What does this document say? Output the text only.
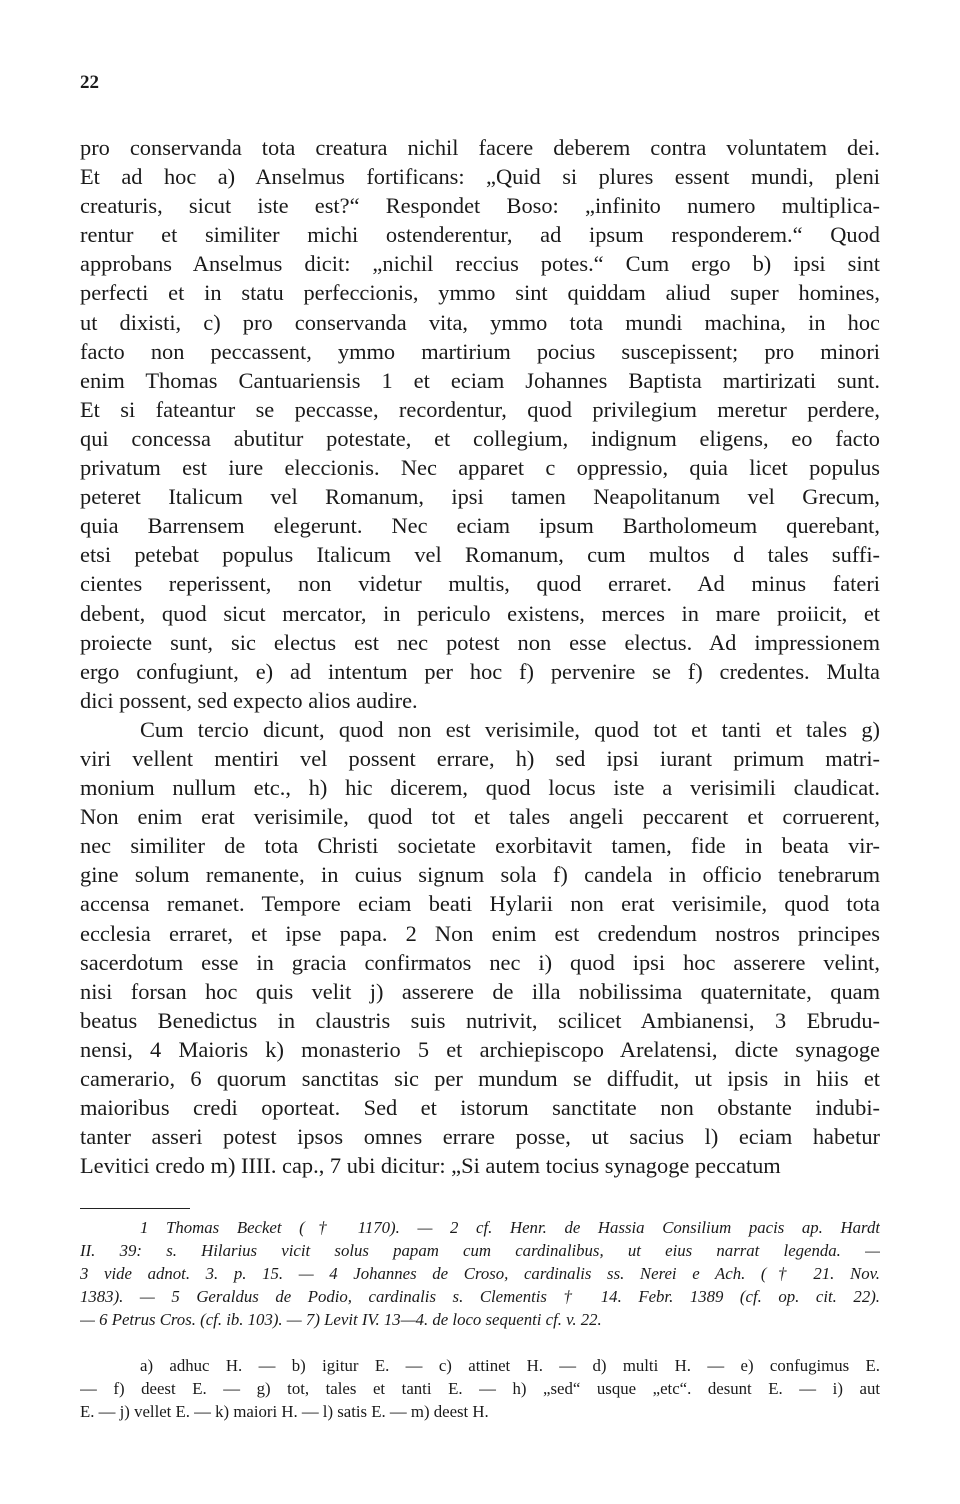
22
pro conservanda tota creatura nichil facere deberem contra voluntatem dei.
Et ad hoc a) Anselmus fortificans: „Quid si plures essent mundi, pleni
creaturis, sicut iste est?“ Respondet Boso: „infinito numero multiplica-
rentur et similiter michi ostenderentur, ad ipsum responderem.“ Quod
approbans Anselmus dicit: „nichil reccius potes.“ Cum ergo b) ipsi sint
perfecti et in statu perfeccionis, ymmo sint quiddam aliud super homines,
ut dixisti, c) pro conservanda vita, ymmo tota mundi machina, in hoc
facto non peccassent, ymmo martirium pocius suscepissent; pro minori
enim Thomas Cantuariensis 1 et eciam Johannes Baptista martirizati sunt.
Et si fateantur se peccasse, recordentur, quod privilegium meretur perdere,
qui concessa abutitur potestate, et collegium, indignum eligens, eo facto
privatum est iure eleccionis. Nec apparet c oppressio, quia licet populus
peteret Italicum vel Romanum, ipsi tamen Neapolitanum vel Grecum,
quia Barrensem elegerunt. Nec eciam ipsum Bartholomeum querebant,
etsi petebat populus Italicum vel Romanum, cum multos d tales suffi-
cientes reperissent, non videtur multis, quod erraret. Ad minus fateri
debent, quod sicut mercator, in periculo existens, merces in mare proiicit, et
proiecte sunt, sic electus est nec potest non esse electus. Ad impressionem
ergo confugiunt, e) ad intentum per hoc f) pervenire se f) credentes. Multa
dici possent, sed expecto alios audire.
Cum tercio dicunt, quod non est verisimile, quod tot et tanti et tales g)
viri vellent mentiri vel possent errare, h) sed ipsi iurant primum matri-
monium nullum etc., h) hic dicerem, quod locus iste a verisimili claudicat.
Non enim erat verisimile, quod tot et tales angeli peccarent et corruerent,
nec similiter de tota Christi societate exorbitavit tamen, fide in beata vir-
gine solum remanente, in cuius signum sola f) candela in officio tenebrarum
accensa remanet. Tempore eciam beati Hylarii non erat verisimile, quod tota
ecclesia erraret, et ipse papa. 2 Non enim est credendum nostros principes
sacerdotum esse in gracia confirmatos nec i) quod ipsi hoc asserere velint,
nisi forsan hoc quis velit j) asserere de illa nobilissima quaternitate, quam
beatus Benedictus in claustris suis nutrivit, scilicet Ambianensi, 3 Ebrudu-
nensi, 4 Maioris k) monasterio 5 et archiepiscopo Arelatensi, dicte synagoge
camerario, 6 quorum sanctitas sic per mundum se diffudit, ut ipsis in hiis et
maioribus credi oporteat. Sed et istorum sanctitate non obstante indubi-
tanter asseri potest ipsos omnes errare posse, ut sacius l) eciam habetur
Levitici credo m) IIII. cap., 7 ubi dicitur: „Si autem tocius synagoge peccatum
1 Thomas Becket († 1170). — 2 cf. Henr. de Hassia Consilium pacis ap. Hardt
II. 39: s. Hilarius vicit solus papam cum cardinalibus, ut eius narrat legenda. —
3 vide adnot. 3. p. 15. — 4 Johannes de Croso, cardinalis ss. Nerei e Ach. († 21. Nov.
1383). — 5 Geraldus de Podio, cardinalis s. Clementis † 14. Febr. 1389 (cf. op. cit. 22).
— 6 Petrus Cros. (cf. ib. 103). — 7) Levit IV. 13—4. de loco sequenti cf. v. 22.
a) adhuc H. — b) igitur E. — c) attinet H. — d) multi H. — e) confugimus E.
— f) deest E. — g) tot, tales et tanti E. — h) „sed“ usque „etc“. desunt E. — i) aut
E. — j) vellet E. — k) maiori H. — l) satis E. — m) deest H.
